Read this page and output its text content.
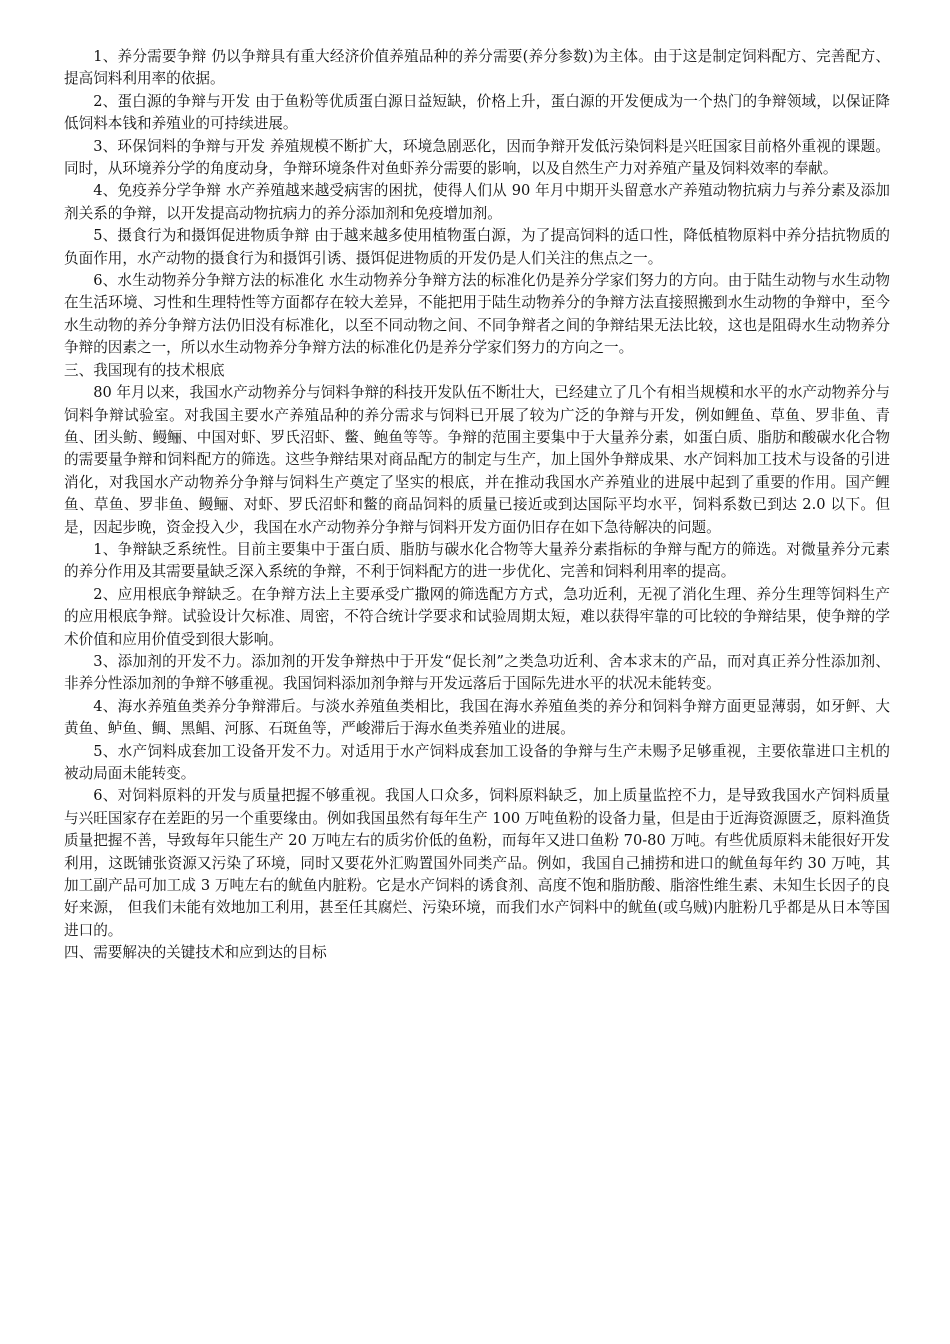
1、养分需要争辩 仍以争辩具有重大经济价值养殖品种的养分需要(养分参数)为主体。由于这是制定饲料配方、完善配方、提高饲料利用率的依据。

2、蛋白源的争辩与开发 由于鱼粉等优质蛋白源日益短缺，价格上升，蛋白源的开发便成为一个热门的争辩领域，以保证降低饲料本钱和养殖业的可持续进展。

3、环保饲料的争辩与开发 养殖规模不断扩大，环境急剧恶化，因而争辩开发低污染饲料是兴旺国家目前格外重视的课题。同时，从环境养分学的角度动身，争辩环境条件对鱼虾养分需要的影响，以及自然生产力对养殖产量及饲料效率的奉献。

4、免疫养分学争辩 水产养殖越来越受病害的困扰，使得人们从 90 年月中期开头留意水产养殖动物抗病力与养分素及添加剂关系的争辩，以开发提高动物抗病力的养分添加剂和免疫增加剂。

5、摄食行为和摄饵促进物质争辩 由于越来越多使用植物蛋白源，为了提高饲料的适口性，降低植物原料中养分拮抗物质的负面作用，水产动物的摄食行为和摄饵引诱、摄饵促进物质的开发仍是人们关注的焦点之一。

6、水生动物养分争辩方法的标准化 水生动物养分争辩方法的标准化仍是养分学家们努力的方向。由于陆生动物与水生动物在生活环境、习性和生理特性等方面都存在较大差异，不能把用于陆生动物养分的争辩方法直接照搬到水生动物的争辩中，至今水生动物的养分争辩方法仍旧没有标准化，以至不同动物之间、不同争辩者之间的争辩结果无法比较，这也是阻碍水生动物养分争辩的因素之一，所以水生动物养分争辩方法的标准化仍是养分学家们努力的方向之一。

三、我国现有的技术根底

80 年月以来，我国水产动物养分与饲料争辩的科技开发队伍不断壮大，已经建立了几个有相当规模和水平的水产动物养分与饲料争辩试验室。对我国主要水产养殖品种的养分需求与饲料已开展了较为广泛的争辩与开发，例如鲤鱼、草鱼、罗非鱼、青鱼、团头鲂、鳗鲡、中国对虾、罗氏沼虾、鳖、鲍鱼等等。争辩的范围主要集中于大量养分素，如蛋白质、脂肪和酸碳水化合物的需要量争辩和饲料配方的筛选。这些争辩结果对商品配方的制定与生产，加上国外争辩成果、水产饲料加工技术与设备的引进消化，对我国水产动物养分争辩与饲料生产奠定了坚实的根底，并在推动我国水产养殖业的进展中起到了重要的作用。国产鲤鱼、草鱼、罗非鱼、鳗鲡、对虾、罗氏沼虾和鳖的商品饲料的质量已接近或到达国际平均水平，饲料系数已到达 2.0 以下。但是，因起步晚，资金投入少，我国在水产动物养分争辩与饲料开发方面仍旧存在如下急待解决的问题。

1、争辩缺乏系统性。目前主要集中于蛋白质、脂肪与碳水化合物等大量养分素指标的争辩与配方的筛选。对微量养分元素的养分作用及其需要量缺乏深入系统的争辩，不利于饲料配方的进一步优化、完善和饲料利用率的提高。

2、应用根底争辩缺乏。在争辩方法上主要承受广撒网的筛选配方方式，急功近利，无视了消化生理、养分生理等饲料生产的应用根底争辩。试验设计欠标准、周密，不符合统计学要求和试验周期太短，难以获得牢靠的可比较的争辩结果，使争辩的学术价值和应用价值受到很大影响。

3、添加剂的开发不力。添加剂的开发争辩热中于开发“促长剂”之类急功近利、舍本求末的产品，而对真正养分性添加剂、非养分性添加剂的争辩不够重视。我国饲料添加剂争辩与开发远落后于国际先进水平的状况未能转变。

4、海水养殖鱼类养分争辩滞后。与淡水养殖鱼类相比，我国在海水养殖鱼类的养分和饲料争辩方面更显薄弱，如牙鲆、大黄鱼、鲈鱼、鲷、黑鲳、河豚、石斑鱼等，严峻滞后于海水鱼类养殖业的进展。

5、水产饲料成套加工设备开发不力。对适用于水产饲料成套加工设备的争辩与生产未赐予足够重视，主要依靠进口主机的被动局面未能转变。

6、对饲料原料的开发与质量把握不够重视。我国人口众多，饲料原料缺乏，加上质量监控不力，是导致我国水产饲料质量与兴旺国家存在差距的另一个重要缘由。例如我国虽然有每年生产 100 万吨鱼粉的设备力量，但是由于近海资源匮乏，原料渔货质量把握不善，导致每年只能生产 20 万吨左右的质劣价低的鱼粉，而每年又进口鱼粉 70-80 万吨。有些优质原料未能很好开发利用，这既铺张资源又污染了环境，同时又要花外汇购置国外同类产品。例如，我国自己捕捞和进口的鱿鱼每年约 30 万吨，其加工副产品可加工成 3 万吨左右的鱿鱼内脏粉。它是水产饲料的诱食剂、高度不饱和脂肪酸、脂溶性维生素、未知生长因子的良好来源， 但我们未能有效地加工利用，甚至任其腐烂、污染环境，而我们水产饲料中的鱿鱼(或乌贼)内脏粉几乎都是从日本等国进口的。

四、需要解决的关键技术和应到达的目标
